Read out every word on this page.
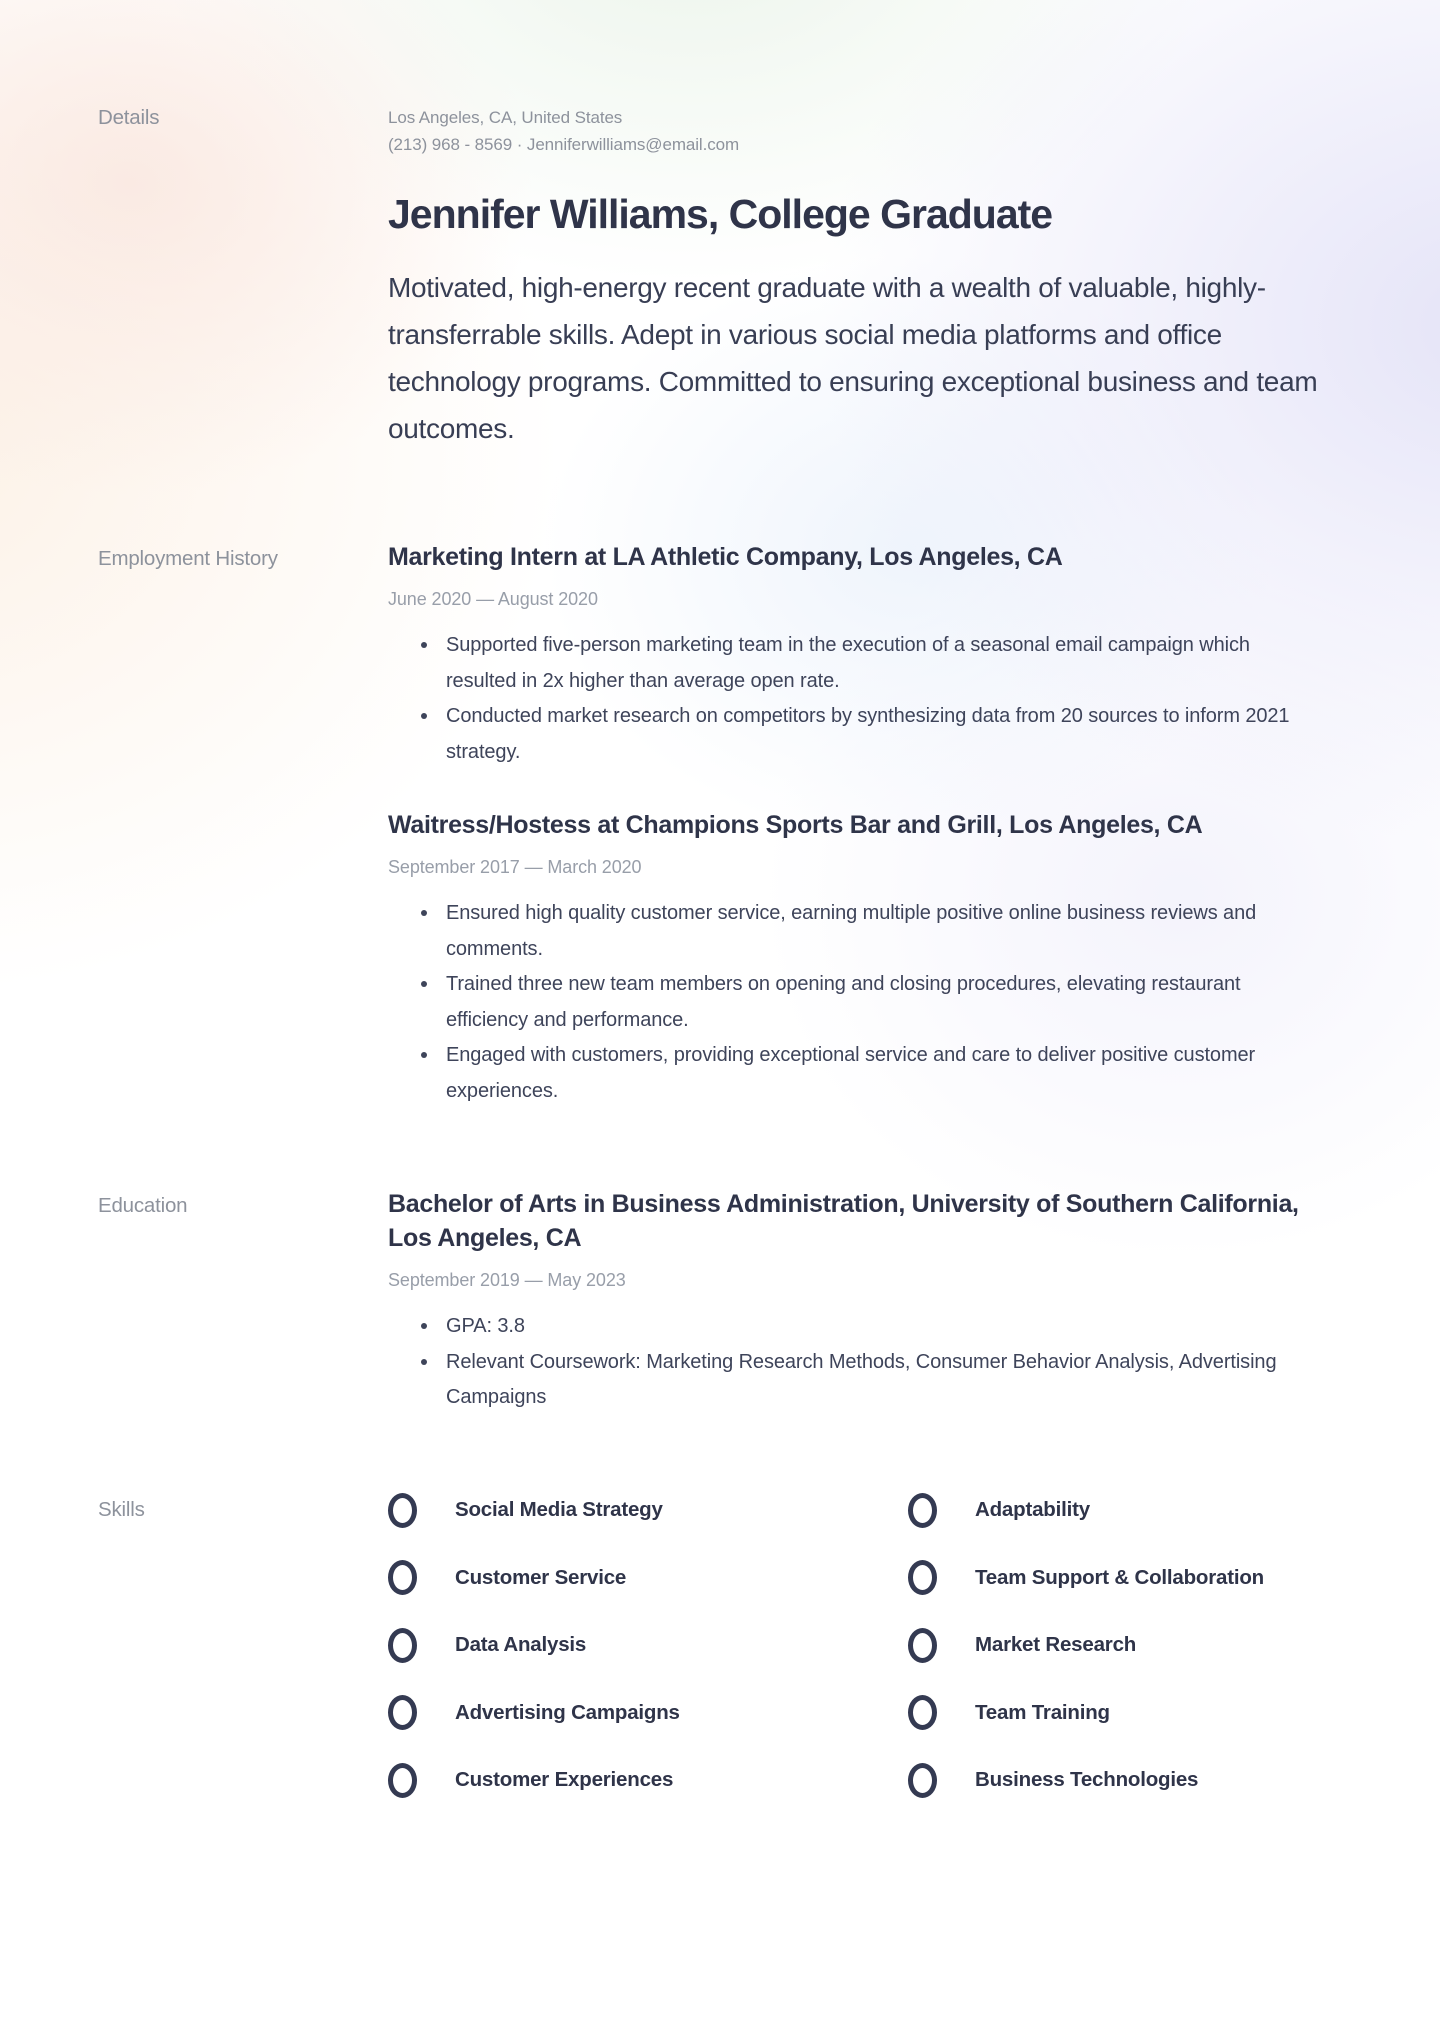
Details	Los Angeles, CA, United States
(213) 968 - 8569 · Jenniferwilliams@email.com
Jennifer Williams, College Graduate

Motivated, high-energy recent graduate with a wealth of valuable, highly-transferrable skills. Adept in various social media platforms and office technology programs. Committed to ensuring exceptional business and team outcomes.

Employment History	Marketing Intern at LA Athletic Company, Los Angeles, CA
June 2020 — August 2020
Supported five-person marketing team in the execution of a seasonal email campaign which resulted in 2x higher than average open rate.
Conducted market research on competitors by synthesizing data from 20 sources to inform 2021 strategy.
Waitress/Hostess at Champions Sports Bar and Grill, Los Angeles, CA
September 2017 — March 2020
Ensured high quality customer service, earning multiple positive online business reviews and comments.
Trained three new team members on opening and closing procedures, elevating restaurant efficiency and performance.
Engaged with customers, providing exceptional service and care to deliver positive customer experiences.
Education	Bachelor of Arts in Business Administration, University of Southern California, Los Angeles, CA
September 2019 — May 2023
GPA: 3.8
Relevant Coursework: Marketing Research Methods, Consumer Behavior Analysis, Advertising Campaigns
Skills	Social Media Strategy
Customer Service
Data Analysis
Advertising Campaigns
Customer Experiences
Adaptability
Team Support & Collaboration
Market Research
Team Training
Business Technologies
